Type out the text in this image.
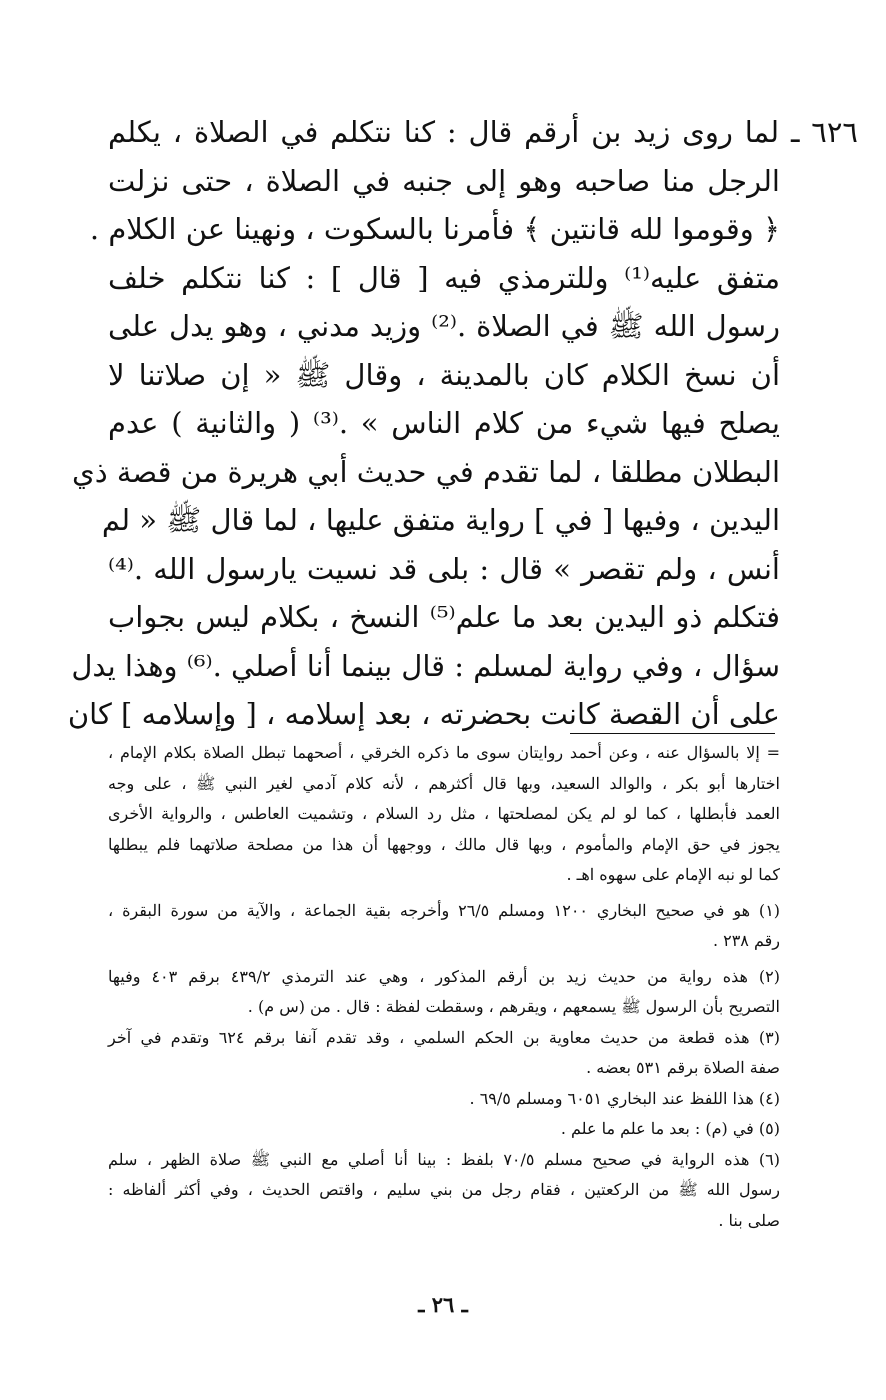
٦٢٦ ـ لما روى زيد بن أرقم قال : كنا نتكلم في الصلاة ، يكلم
الرجل منا صاحبه وهو إلى جنبه في الصلاة ، حتى نزلت
﴿ وقوموا لله قانتين ﴾ فأمرنا بالسكوت ، ونهينا عن الكلام .
متفق عليه⁽¹⁾ وللترمذي فيه [ قال ] : كنا نتكلم خلف
رسول الله ﷺ في الصلاة .⁽²⁾ وزيد مدني ، وهو يدل على
أن نسخ الكلام كان بالمدينة ، وقال ﷺ « إن صلاتنا لا
يصلح فيها شيء من كلام الناس » .⁽³⁾ ( والثانية ) عدم
البطلان مطلقا ، لما تقدم في حديث أبي هريرة من قصة ذي
اليدين ، وفيها [ في ] رواية متفق عليها ، لما قال ﷺ « لم
أنس ، ولم تقصر » قال : بلى قد نسيت يارسول الله .⁽⁴⁾
فتكلم ذو اليدين بعد ما علم⁽⁵⁾ النسخ ، بكلام ليس بجواب
سؤال ، وفي رواية لمسلم : قال بينما أنا أصلي .⁽⁶⁾ وهذا يدل
على أن القصة كانت بحضرته ، بعد إسلامه ، [ وإسلامه ] كان
= إلا بالسؤال عنه ، وعن أحمد روايتان سوى ما ذكره الخرقي ، أصحهما تبطل الصلاة بكلام الإمام ،
اختارها أبو بكر ، والوالد السعيد، وبها قال أكثرهم ، لأنه كلام آدمي لغير النبي ﷺ ، على وجه
العمد فأبطلها ، كما لو لم يكن لمصلحتها ، مثل رد السلام ، وتشميت العاطس ، والرواية الأخرى
يجوز في حق الإمام والمأموم ، وبها قال مالك ، ووجهها أن هذا من مصلحة صلاتهما فلم يبطلها
كما لو نبه الإمام على سهوه اهـ .
(١) هو في صحيح البخاري ١٢٠٠ ومسلم ٢٦/٥ وأخرجه بقية الجماعة ، والآية من سورة البقرة ،
رقم ٢٣٨ .
(٢) هذه رواية من حديث زيد بن أرقم المذكور ، وهي عند الترمذي ٤٣٩/٢ برقم ٤٠٣ وفيها
التصريح بأن الرسول ﷺ يسمعهم ، ويقرهم ، وسقطت لفظة : قال . من (س م) .
(٣) هذه قطعة من حديث معاوية بن الحكم السلمي ، وقد تقدم آنفا برقم ٦٢٤ وتقدم في آخر
صفة الصلاة برقم ٥٣١ بعضه .
(٤) هذا اللفظ عند البخاري ٦٠٥١ ومسلم ٦٩/٥ .
(٥) في (م) : بعد ما علم ما علم .
(٦) هذه الرواية في صحيح مسلم ٧٠/٥ بلفظ : بينا أنا أصلي مع النبي ﷺ صلاة الظهر ، سلم
رسول الله ﷺ من الركعتين ، فقام رجل من بني سليم ، واقتص الحديث ، وفي أكثر ألفاظه :
صلى بنا .
ـ ٢٦ ـ
